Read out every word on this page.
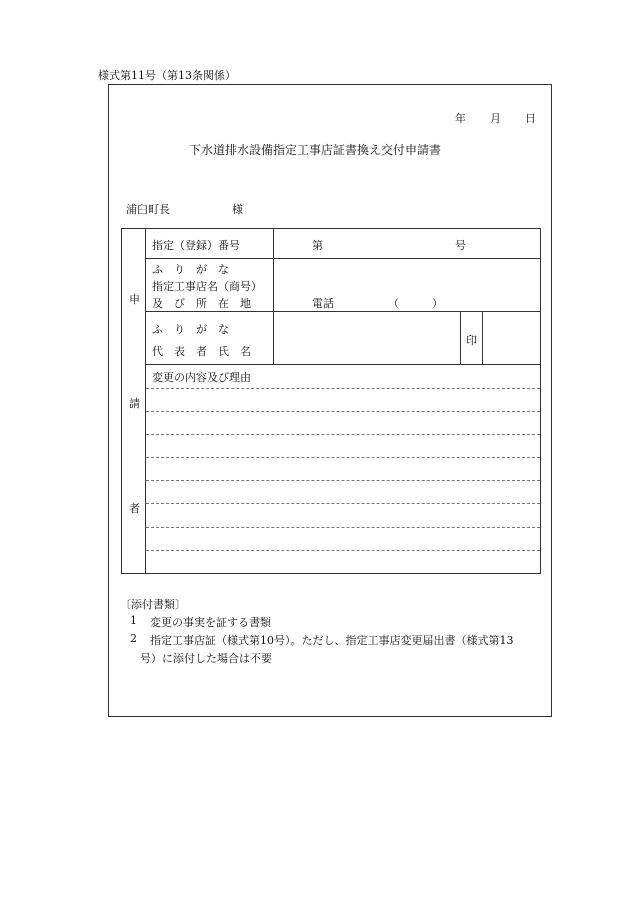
様式第11号（第13条関係）
年 月 日
下水道排水設備指定工事店証書換え交付申請書
浦臼町長	様
申
請
者
指定（登録）番号	第	号
ふ　り　が　な
指定工事店名（商号）
及　び　所　在　地	電話	（　　　）
ふ　り　が　な
代　表　者　氏　名
印
変更の内容及び理由
〔添付書類〕
1 変更の事実を証する書類
2 指定工事店証（様式第10号）。ただし、指定工事店変更届出書（様式第13
号）に添付した場合は不要
